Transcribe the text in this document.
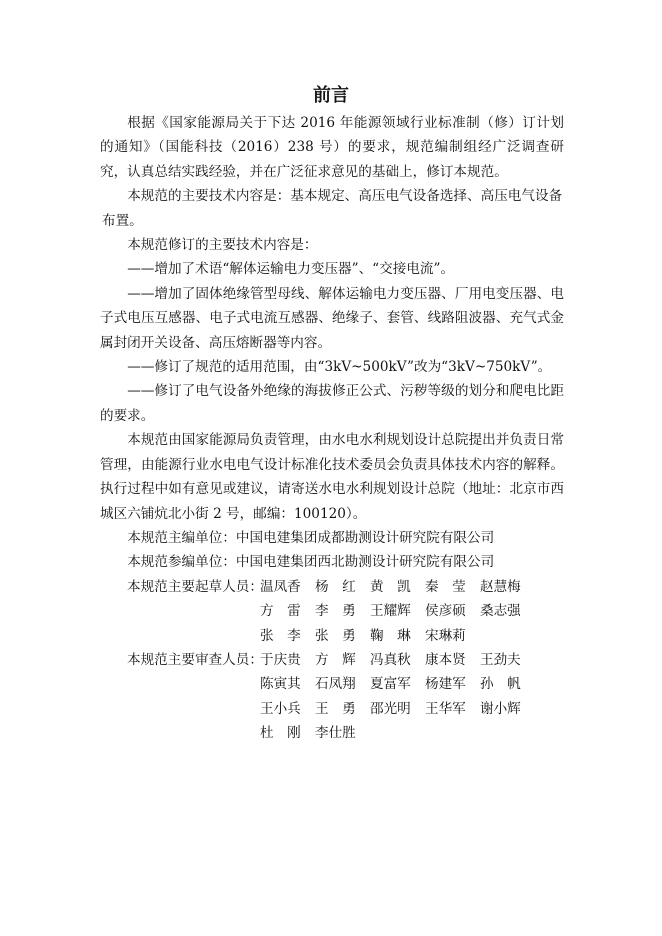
前言

根据《国家能源局关于下达 2016 年能源领域行业标准制（修）订计划的通知》（国能科技（2016）238 号）的要求，规范编制组经广泛调查研究，认真总结实践经验，并在广泛征求意见的基础上，修订本规范。

本规范的主要技术内容是：基本规定、高压电气设备选择、高压电气设备

布置。

本规范修订的主要技术内容是：

——增加了术语“解体运输电力变压器”、“交接电流”。

——增加了固体绝缘管型母线、解体运输电力变压器、厂用电变压器、电子式电压互感器、电子式电流互感器、绝缘子、套管、线路阻波器、充气式金属封闭开关设备、高压熔断器等内容。

——修订了规范的适用范围，由“3kV~500kV”改为“3kV~750kV”。

——修订了电气设备外绝缘的海拔修正公式、污秽等级的划分和爬电比距的要求。

本规范由国家能源局负责管理，由水电水利规划设计总院提出并负责日常管理，由能源行业水电电气设计标准化技术委员会负责具体技术内容的解释。执行过程中如有意见或建议，请寄送水电水利规划设计总院（地址：北京市西城区六铺炕北小街 2 号，邮编：100120）。

本规范主编单位：中国电建集团成都勘测设计研究院有限公司

本规范参编单位：中国电建集团西北勘测设计研究院有限公司

本规范主要起草人员：
温凤香	杨　红	黄　凯	秦　莹	赵慧梅
方　雷	李　勇	王耀辉	侯彦硕	桑志强
张　李	张　勇	鞠　琳	宋琳莉
本规范主要审查人员：
于庆贵	方　辉	冯真秋	康本贤	王劲夫
陈寅其	石凤翔	夏富军	杨建军	孙　帆
王小兵	王　勇	邵光明	王华军	谢小辉
杜　刚	李仕胜
